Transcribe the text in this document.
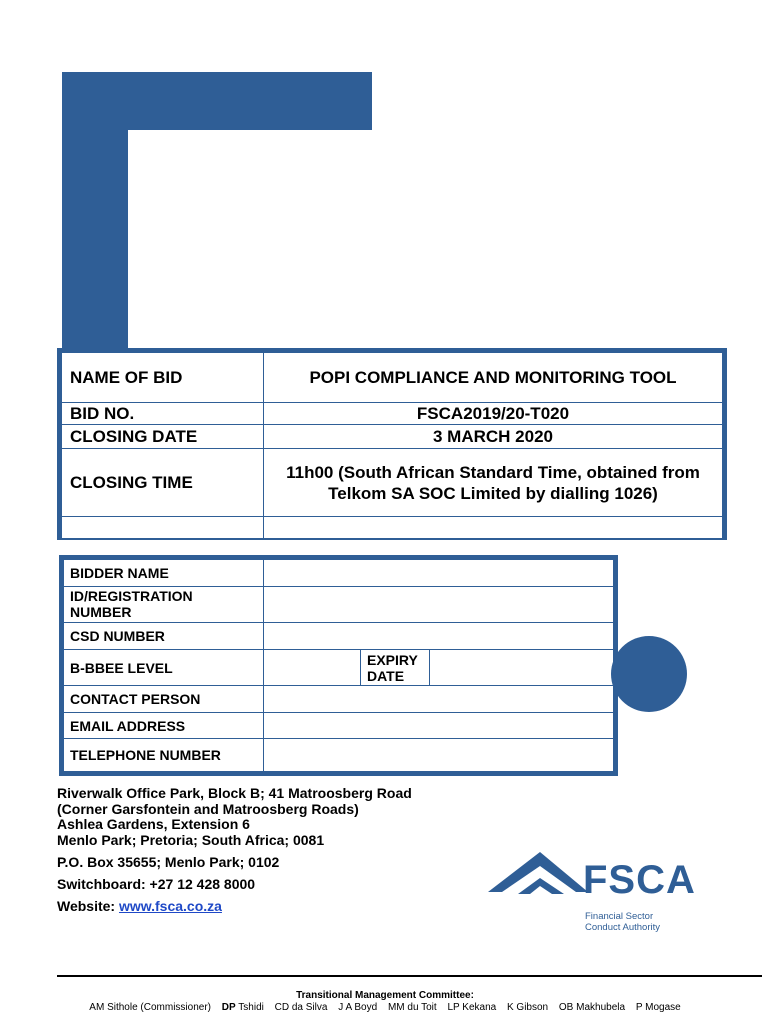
NAME OF BID	POPI COMPLIANCE AND MONITORING TOOL
BID NO.	FSCA2019/20-T020
CLOSING DATE	3 MARCH 2020
CLOSING TIME	11h00 (South African Standard Time, obtained from Telkom SA SOC Limited by dialling 1026)
CONTRACT NO.	FSCA1920-SLA55
BIDDER NAME			
ID/REGISTRATION NUMBER			
CSD NUMBER			
B-BBEE LEVEL		EXPIRY DATE	
CONTACT PERSON			
EMAIL ADDRESS			
TELEPHONE NUMBER			

Riverwalk Office Park, Block B; 41 Matroosberg Road

(Corner Garsfontein and Matroosberg Roads)

Ashlea Gardens, Extension 6

Menlo Park; Pretoria; South Africa; 0081

P.O. Box 35655; Menlo Park; 0102

Switchboard: +27 12 428 8000

Website: www.fsca.co.za

FSCA
Financial Sector
Conduct Authority
Transitional Management Committee:
AM Sithole (Commissioner) DP Tshidi CD da Silva J A Boyd MM du Toit LP Kekana K Gibson OB Makhubela P Mogase
